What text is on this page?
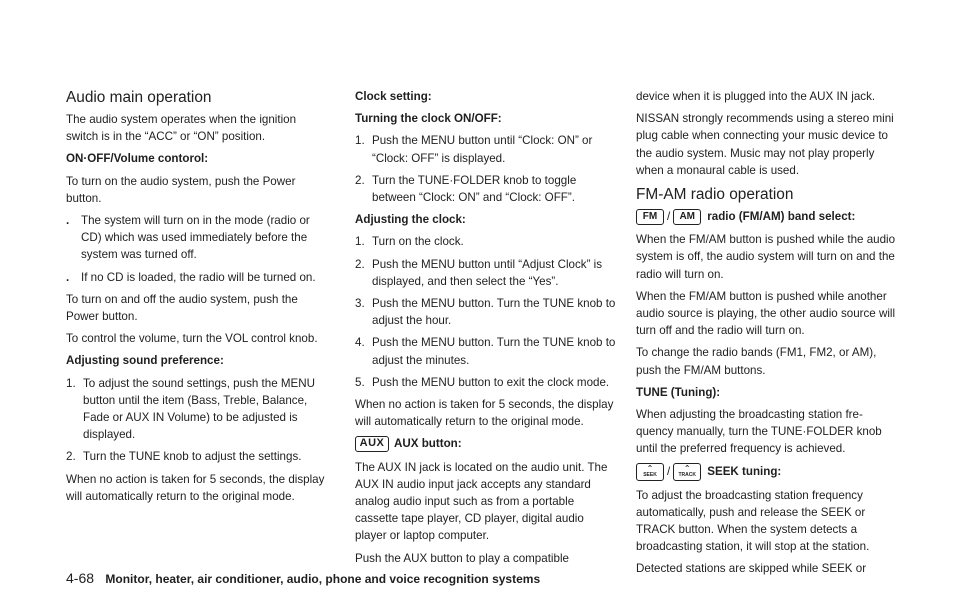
Audio main operation

The audio system operates when the ignition switch is in the “ACC” or “ON” position.

ON·OFF/Volume contorol:

To turn on the audio system, push the Power button.

. The system will turn on in the mode (radio or CD) which was used immediately before the system was turned off.
. If no CD is loaded, the radio will be turned on.

To turn on and off the audio system, push the Power button.

To control the volume, turn the VOL control knob.

Adjusting sound preference:

1. To adjust the sound settings, push the MENU button until the item (Bass, Treble, Balance, Fade or AUX IN Volume) to be adjusted is displayed.
2. Turn the TUNE knob to adjust the settings.

When no action is taken for 5 seconds, the display will automatically return to the original mode.

Clock setting:

Turning the clock ON/OFF:

1. Push the MENU button until “Clock: ON” or “Clock: OFF” is displayed.
2. Turn the TUNE·FOLDER knob to toggle between “Clock: ON” and “Clock: OFF”.

Adjusting the clock:

1. Turn on the clock.
2. Push the MENU button until “Adjust Clock” is displayed, and then select the “Yes”.
3. Push the MENU button. Turn the TUNE knob to adjust the hour.
4. Push the MENU button. Turn the TUNE knob to adjust the minutes.
5. Push the MENU button to exit the clock mode.

When no action is taken for 5 seconds, the display will automatically return to the original mode.

AUX AUX button:

The AUX IN jack is located on the audio unit. The AUX IN audio input jack accepts any standard analog audio input such as from a portable cassette tape player, CD player, digital audio player or laptop computer.

Push the AUX button to play a compatible

device when it is plugged into the AUX IN jack.

NISSAN strongly recommends using a stereo mini plug cable when connecting your music device to the audio system. Music may not play properly when a monaural cable is used.

FM-AM radio operation
FM / AM	radio (FM/AM) band select:

When the FM/AM button is pushed while the audio system is off, the audio system will turn on and the radio will turn on.

When the FM/AM button is pushed while another audio source is playing, the other audio source will turn off and the radio will turn on.

To change the radio bands (FM1, FM2, or AM), push the FM/AM buttons.

TUNE (Tuning):

When adjusting the broadcasting station fre-quency manually, turn the TUNE·FOLDER knob until the preferred frequency is achieved.

⌃
SEEK /	⌃
TRACK SEEK tuning:

To adjust the broadcasting station frequency automatically, push and release the SEEK or TRACK button. When the system detects a broadcasting station, it will stop at the station.

Detected stations are skipped while SEEK or

4-68 Monitor, heater, air conditioner, audio, phone and voice recognition systems
